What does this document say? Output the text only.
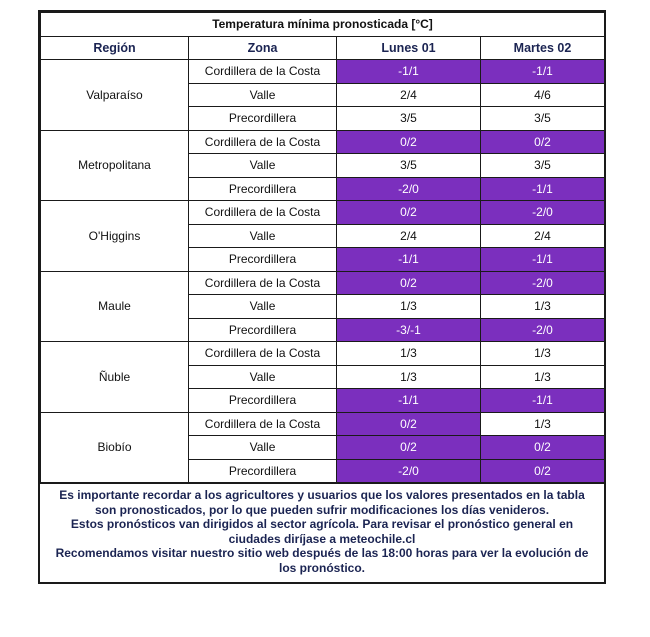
Temperatura mínima pronosticada [°C]			
Región	Zona	Lunes 01	Martes 02
Valparaíso	Cordillera de la Costa	-1/1	-1/1
	Valle	2/4	4/6
	Precordillera	3/5	3/5
Metropolitana	Cordillera de la Costa	0/2	0/2
	Valle	3/5	3/5
	Precordillera	-2/0	-1/1
O'Higgins	Cordillera de la Costa	0/2	-2/0
	Valle	2/4	2/4
	Precordillera	-1/1	-1/1
Maule	Cordillera de la Costa	0/2	-2/0
	Valle	1/3	1/3
	Precordillera	-3/-1	-2/0
Ñuble	Cordillera de la Costa	1/3	1/3
	Valle	1/3	1/3
	Precordillera	-1/1	-1/1
Biobío	Cordillera de la Costa	0/2	1/3
	Valle	0/2	0/2
	Precordillera	-2/0	0/2

Es importante recordar a los agricultores y usuarios que los valores presentados en la tabla son pronosticados, por lo que pueden sufrir modificaciones los días venideros.

Estos pronósticos van dirigidos al sector agrícola. Para revisar el pronóstico general en ciudades diríjase a meteochile.cl

Recomendamos visitar nuestro sitio web después de las 18:00 horas para ver la evolución de los pronóstico.
